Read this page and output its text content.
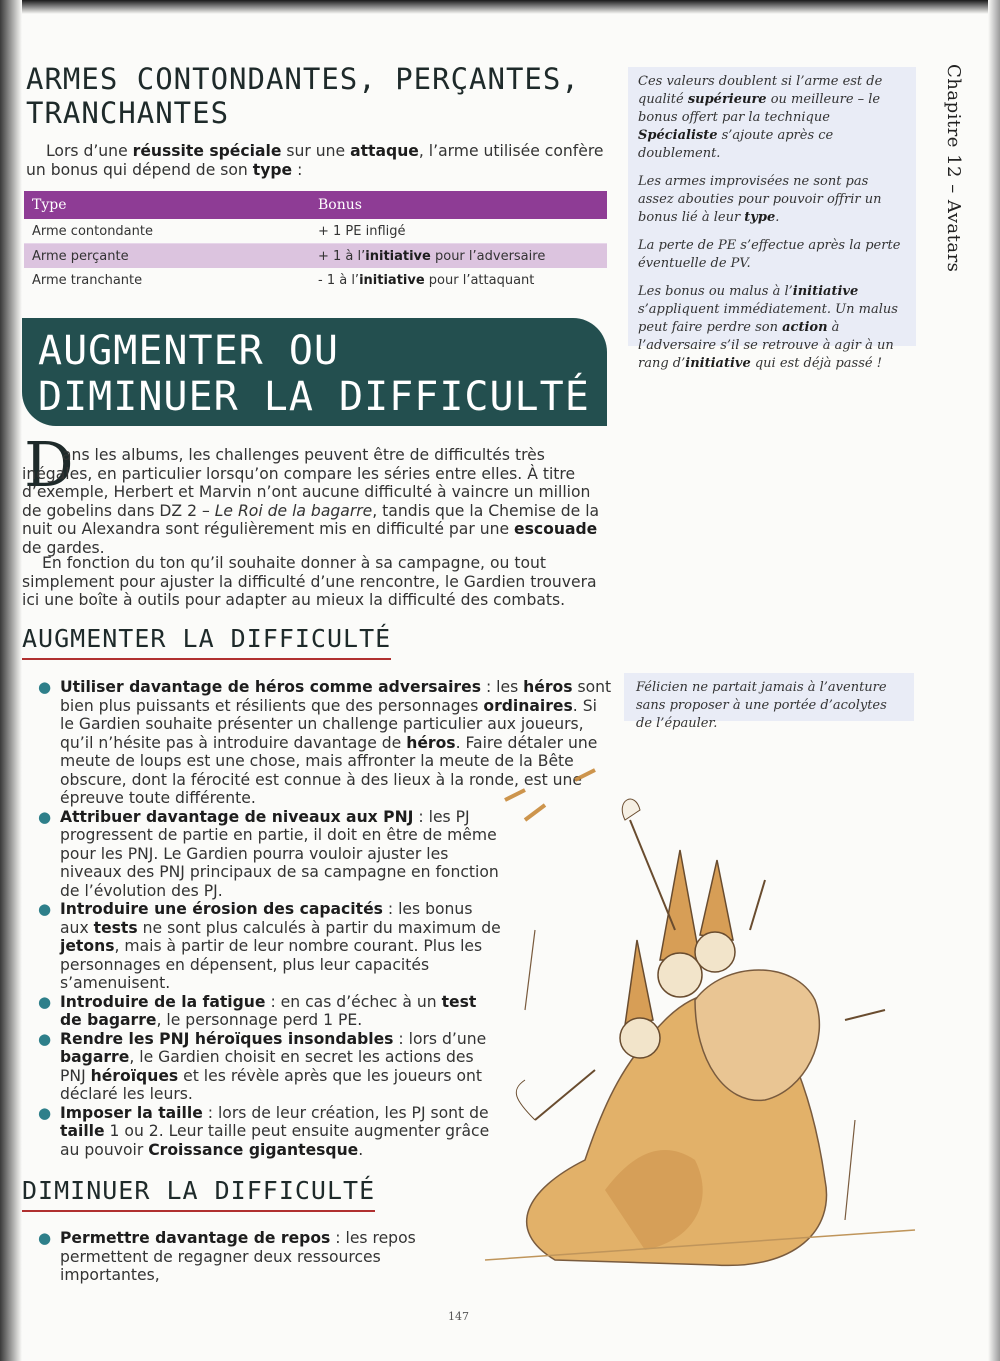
ARMES CONTONDANTES, PERÇANTES, TRANCHANTES
Lors d’une réussite spéciale sur une attaque, l’arme utilisée confère un bonus qui dépend de son type :
Type	Bonus
Arme contondante	+ 1 PE infligé
Arme perçante	+ 1 à l’initiative pour l’adversaire
Arme tranchante	- 1 à l’initiative pour l’attaquant
AUGMENTER OU
DIMINUER LA DIFFICULTÉ
D
ans les albums, les challenges peuvent être de difficultés très inégales, en particulier lorsqu’on compare les séries entre elles. À titre d’exemple, Herbert et Marvin n’ont aucune difficulté à vaincre un million de gobelins dans DZ 2 – Le Roi de la bagarre, tandis que la Chemise de la nuit ou Alexandra sont régulièrement mis en difficulté par une escouade de gardes.
En fonction du ton qu’il souhaite donner à sa campagne, ou tout simplement pour ajuster la difficulté d’une rencontre, le Gardien trouvera ici une boîte à outils pour adapter au mieux la difficulté des combats.
AUGMENTER LA DIFFICULTÉ
● Utiliser davantage de héros comme adversaires : les héros sont bien plus puissants et résilients que des personnages ordinaires. Si le Gardien souhaite présenter un challenge particulier aux joueurs, qu’il n’hésite pas à introduire davantage de héros. Faire détaler une meute de loups est une chose, mais affronter la meute de la Bête obscure, dont la férocité est connue à des lieux à la ronde, est une épreuve toute différente.
● Attribuer davantage de niveaux aux PNJ : les PJ progressent de partie en partie, il doit en être de même pour les PNJ. Le Gardien pourra vouloir ajuster les niveaux des PNJ principaux de sa campagne en fonction de l’évolution des PJ.
● Introduire une érosion des capacités : les bonus aux tests ne sont plus calculés à partir du maximum de jetons, mais à partir de leur nombre courant. Plus les personnages en dépensent, plus leur capacités s’amenuisent.
● Introduire de la fatigue : en cas d’échec à un test de bagarre, le personnage perd 1 PE.
● Rendre les PNJ héroïques insondables : lors d’une bagarre, le Gardien choisit en secret les actions des PNJ héroïques et les révèle après que les joueurs ont déclaré les leurs.
● Imposer la taille : lors de leur création, les PJ sont de taille 1 ou 2. Leur taille peut ensuite augmenter grâce au pouvoir Croissance gigantesque.
DIMINUER LA DIFFICULTÉ
● Permettre davantage de repos : les repos permettent de regagner deux ressources importantes,

Ces valeurs doublent si l’arme est de qualité supérieure ou meilleure – le bonus offert par la technique Spécialiste s’ajoute après ce doublement.

Les armes improvisées ne sont pas assez abouties pour pouvoir offrir un bonus lié à leur type.

La perte de PE s’effectue après la perte éventuelle de PV.

Les bonus ou malus à l’initiative s’appliquent immédiatement. Un malus peut faire perdre son action à l’adversaire s’il se retrouve à agir à un rang d’initiative qui est déjà passé !

Félicien ne partait jamais à l’aventure sans proposer à une portée d’acolytes de l’épauler.

Chapitre 12 – Avatars
147
